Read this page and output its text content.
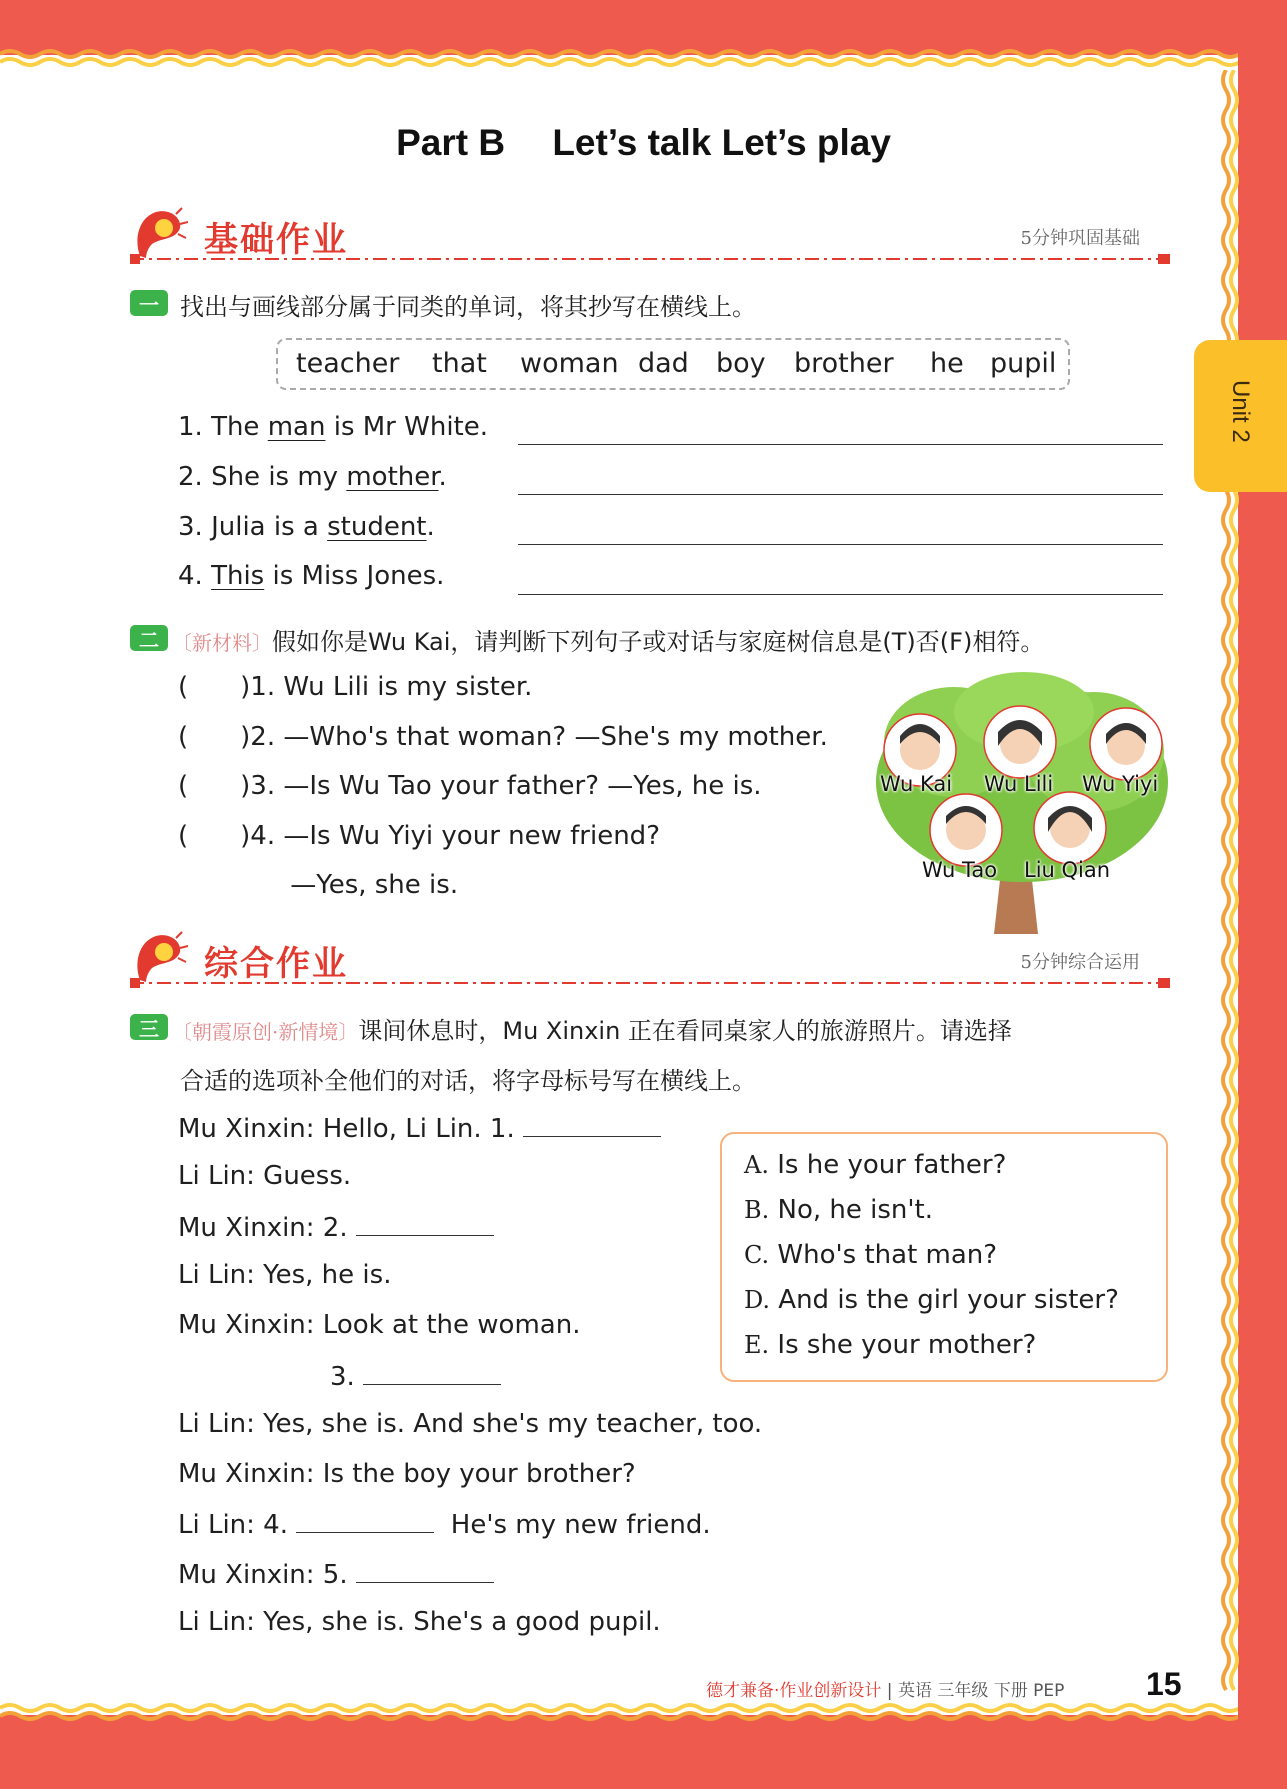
Unit 2
Part B  Let’s talk Let’s play
基础作业	5分钟巩固基础
一 找出与画线部分属于同类的单词，将其抄写在横线上。
teacher that woman dad boy brother he pupil
1. The man is Mr White.
2. She is my mother.
3. Julia is a student.
4. This is Miss Jones.
二 〔新材料〕假如你是Wu Kai，请判断下列句子或对话与家庭树信息是(T)否(F)相符。
(  )1. Wu Lili is my sister.
(  )2. —Who's that woman? —She's my mother.
(  )3. —Is Wu Tao your father? —Yes, he is.
(  )4. —Is Wu Yiyi your new friend?
     —Yes, she is.
Wu Kai Wu Lili Wu Yiyi
Wu Tao Liu Qian
综合作业	5分钟综合运用
三 〔朝霞原创·新情境〕课间休息时，Mu Xinxin 正在看同桌家人的旅游照片。请选择
合适的选项补全他们的对话，将字母标号写在横线上。
Mu Xinxin: Hello, Li Lin. 1.
Li Lin: Guess.
Mu Xinxin: 2.
Li Lin: Yes, he is.
Mu Xinxin: Look at the woman.
3.
Li Lin: Yes, she is. And she's my teacher, too.
Mu Xinxin: Is the boy your brother?
Li Lin: 4.	He's my new friend.
Mu Xinxin: 5.
Li Lin: Yes, she is. She's a good pupil.
A. Is he your father?
B. No, he isn't.
C. Who's that man?
D. And is the girl your sister?
E. Is she your mother?
德才兼备·作业创新设计 | 英语 三年级 下册 PEP	15
